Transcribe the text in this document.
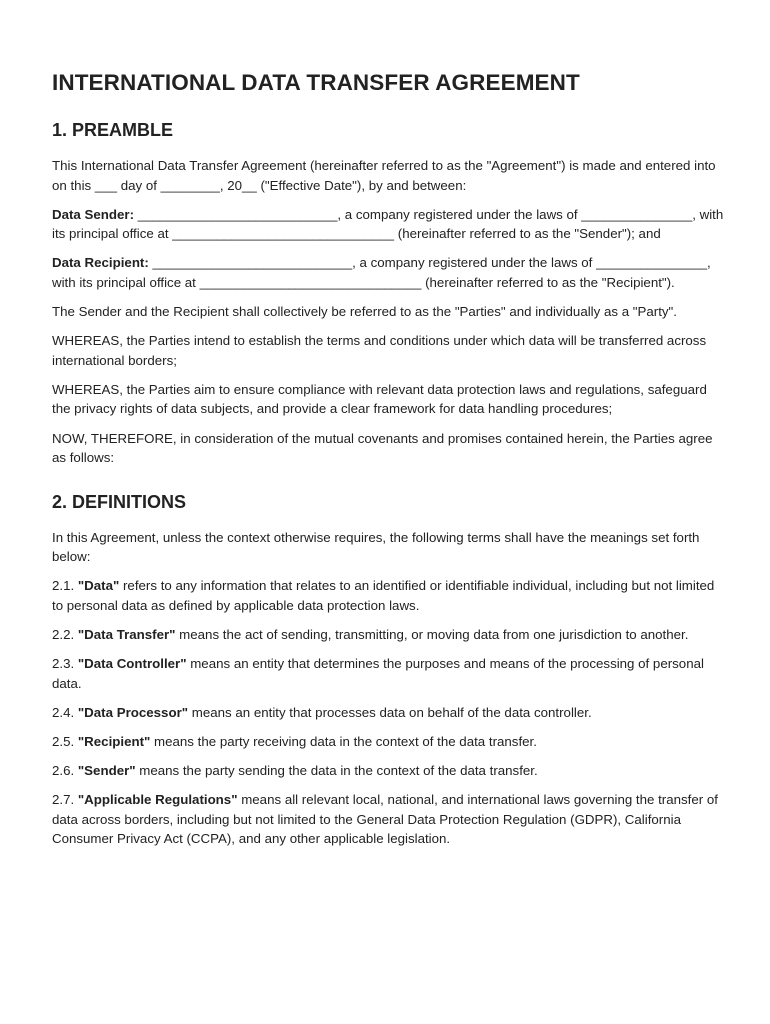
INTERNATIONAL DATA TRANSFER AGREEMENT
1. PREAMBLE

This International Data Transfer Agreement (hereinafter referred to as the "Agreement") is made and entered into on this ___ day of ________, 20__ ("Effective Date"), by and between:

Data Sender: ___________________________, a company registered under the laws of _______________, with its principal office at ______________________________ (hereinafter referred to as the "Sender"); and

Data Recipient: ___________________________, a company registered under the laws of _______________, with its principal office at ______________________________ (hereinafter referred to as the "Recipient").

The Sender and the Recipient shall collectively be referred to as the "Parties" and individually as a "Party".

WHEREAS, the Parties intend to establish the terms and conditions under which data will be transferred across international borders;

WHEREAS, the Parties aim to ensure compliance with relevant data protection laws and regulations, safeguard the privacy rights of data subjects, and provide a clear framework for data handling procedures;

NOW, THEREFORE, in consideration of the mutual covenants and promises contained herein, the Parties agree as follows:

2. DEFINITIONS

In this Agreement, unless the context otherwise requires, the following terms shall have the meanings set forth below:

2.1. "Data" refers to any information that relates to an identified or identifiable individual, including but not limited to personal data as defined by applicable data protection laws.

2.2. "Data Transfer" means the act of sending, transmitting, or moving data from one jurisdiction to another.

2.3. "Data Controller" means an entity that determines the purposes and means of the processing of personal data.

2.4. "Data Processor" means an entity that processes data on behalf of the data controller.

2.5. "Recipient" means the party receiving data in the context of the data transfer.

2.6. "Sender" means the party sending the data in the context of the data transfer.

2.7. "Applicable Regulations" means all relevant local, national, and international laws governing the transfer of data across borders, including but not limited to the General Data Protection Regulation (GDPR), California Consumer Privacy Act (CCPA), and any other applicable legislation.
